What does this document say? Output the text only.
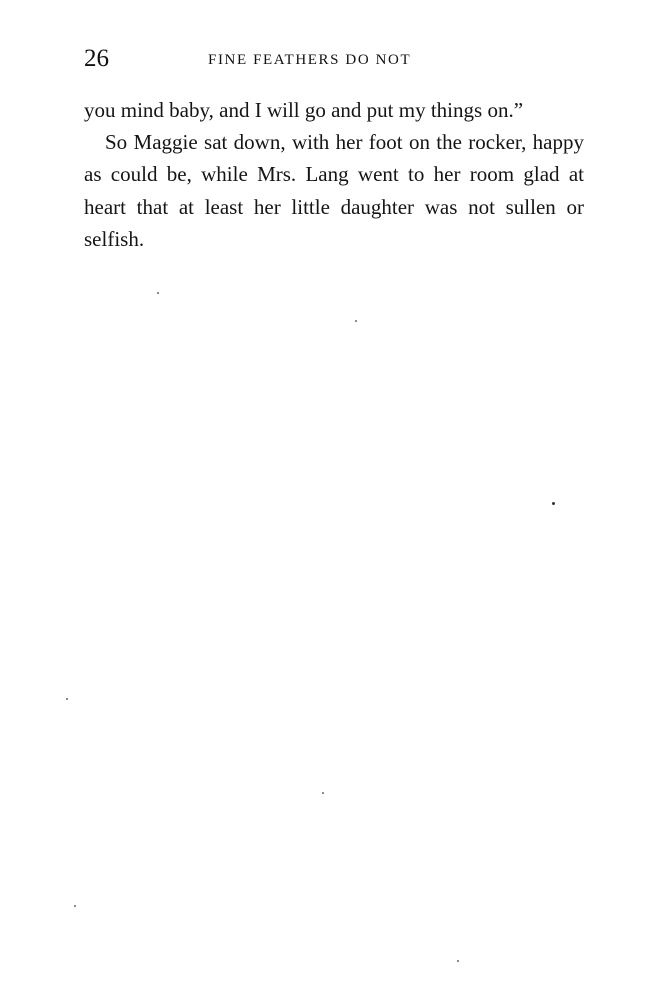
26	FINE FEATHERS DO NOT

you mind baby, and I will go and put my things on.”

So Maggie sat down, with her foot on the rocker, happy as could be, while Mrs. Lang went to her room glad at heart that at least her little daughter was not sullen or selfish.
